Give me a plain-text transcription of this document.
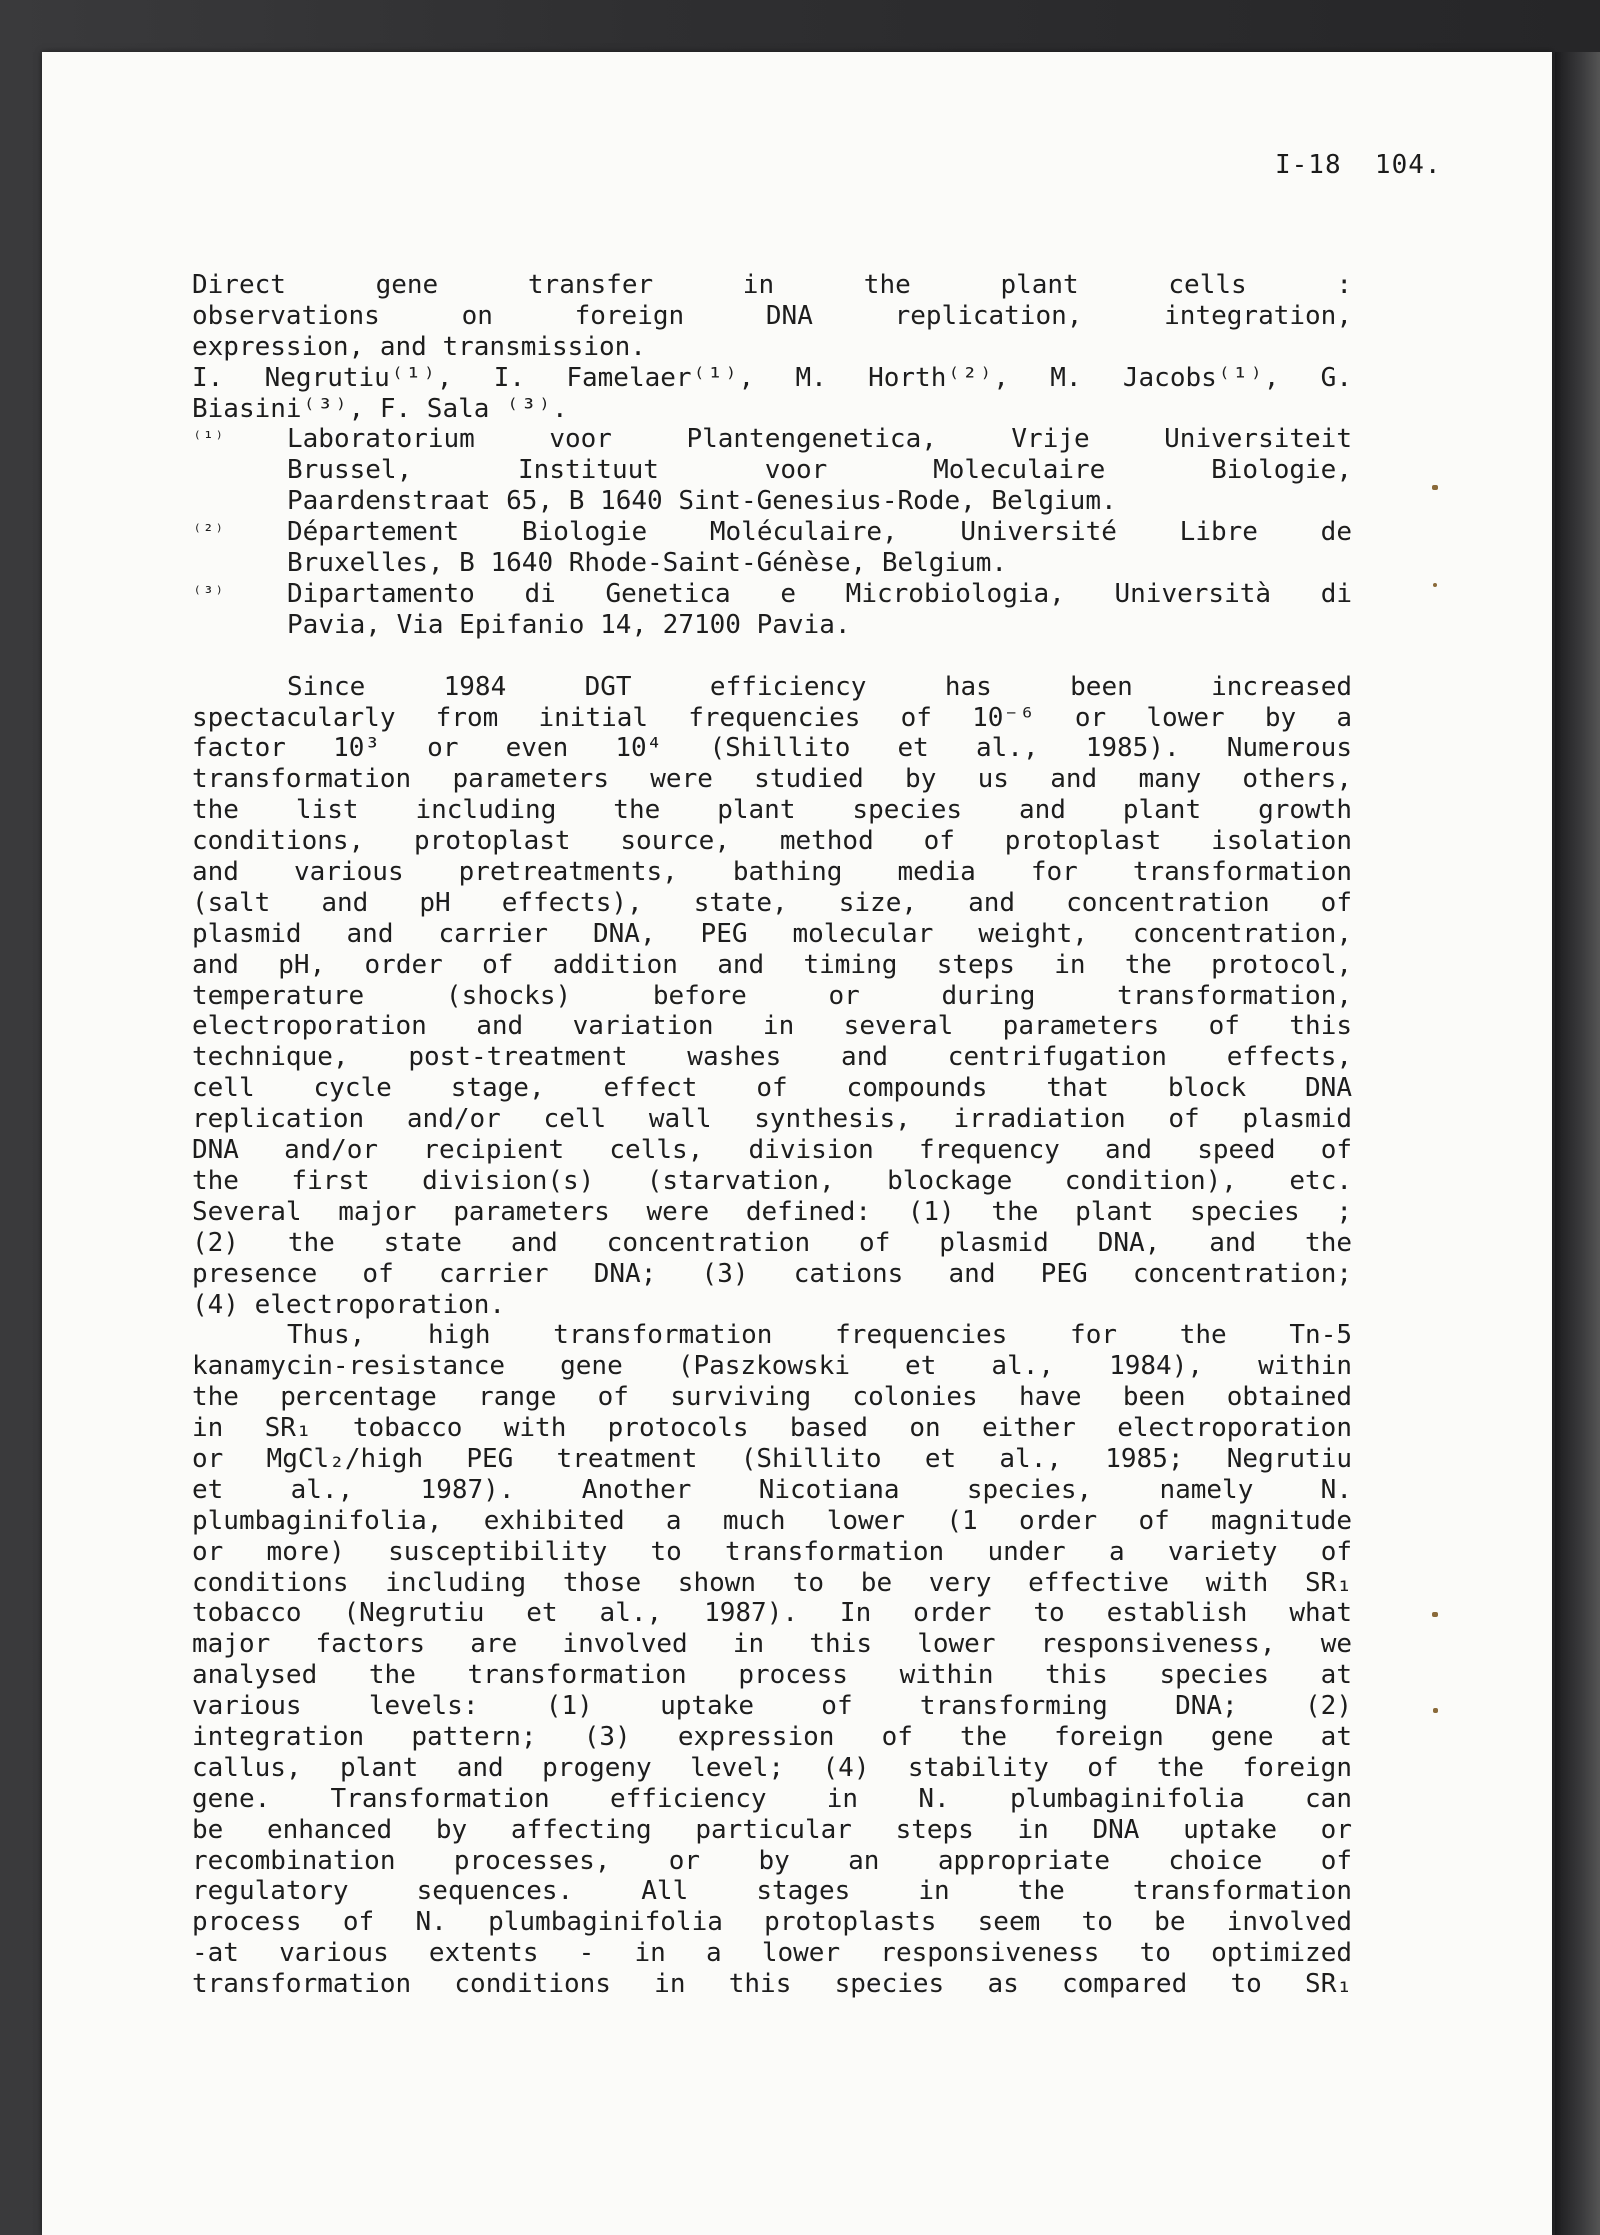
I-18  104.
Direct gene transfer in the plant cells :
observations on foreign DNA replication, integration,
expression, and transmission.
I. Negrutiu⁽¹⁾, I. Famelaer⁽¹⁾, M. Horth⁽²⁾, M. Jacobs⁽¹⁾, G.
Biasini⁽³⁾, F. Sala ⁽³⁾.
⁽¹⁾	Laboratorium voor Plantengenetica, Vrije Universiteit
Brussel, Instituut voor Moleculaire Biologie,
Paardenstraat 65, B 1640 Sint-Genesius-Rode, Belgium.
⁽²⁾	Département Biologie Moléculaire, Université Libre de
Bruxelles, B 1640 Rhode-Saint-Génèse, Belgium.
⁽³⁾	Dipartamento di Genetica e Microbiologia, Università di
Pavia, Via Epifanio 14, 27100 Pavia.
Since 1984 DGT efficiency has been increased
spectacularly from initial frequencies of 10⁻⁶ or lower by a
factor 10³ or even 10⁴ (Shillito et al., 1985). Numerous
transformation parameters were studied by us and many others,
the list including the plant species and plant growth
conditions, protoplast source, method of protoplast isolation
and various pretreatments, bathing media for transformation
(salt and pH effects), state, size, and concentration of
plasmid and carrier DNA, PEG molecular weight, concentration,
and pH, order of addition and timing steps in the protocol,
temperature (shocks) before or during transformation,
electroporation and variation in several parameters of this
technique, post-treatment washes and centrifugation effects,
cell cycle stage, effect of compounds that block DNA
replication and/or cell wall synthesis, irradiation of plasmid
DNA and/or recipient cells, division frequency and speed of
the first division(s) (starvation, blockage condition), etc.
Several major parameters were defined: (1) the plant species ;
(2) the state and concentration of plasmid DNA, and the
presence of carrier DNA; (3) cations and PEG concentration;
(4) electroporation.
Thus, high transformation frequencies for the Tn-5
kanamycin-resistance gene (Paszkowski et al., 1984), within
the percentage range of surviving colonies have been obtained
in SR₁ tobacco with protocols based on either electroporation
or MgCl₂/high PEG treatment (Shillito et al., 1985; Negrutiu
et al., 1987). Another Nicotiana species, namely N.
plumbaginifolia, exhibited a much lower (1 order of magnitude
or more) susceptibility to transformation under a variety of
conditions including those shown to be very effective with SR₁
tobacco (Negrutiu et al., 1987). In order to establish what
major factors are involved in this lower responsiveness, we
analysed the transformation process within this species at
various levels: (1) uptake of transforming DNA; (2)
integration pattern; (3) expression of the foreign gene at
callus, plant and progeny level; (4) stability of the foreign
gene. Transformation efficiency in N. plumbaginifolia can
be enhanced by affecting particular steps in DNA uptake or
recombination processes, or by an appropriate choice of
regulatory sequences. All stages in the transformation
process of N. plumbaginifolia protoplasts seem to be involved
-at various extents - in a lower responsiveness to optimized
transformation conditions in this species as compared to SR₁
